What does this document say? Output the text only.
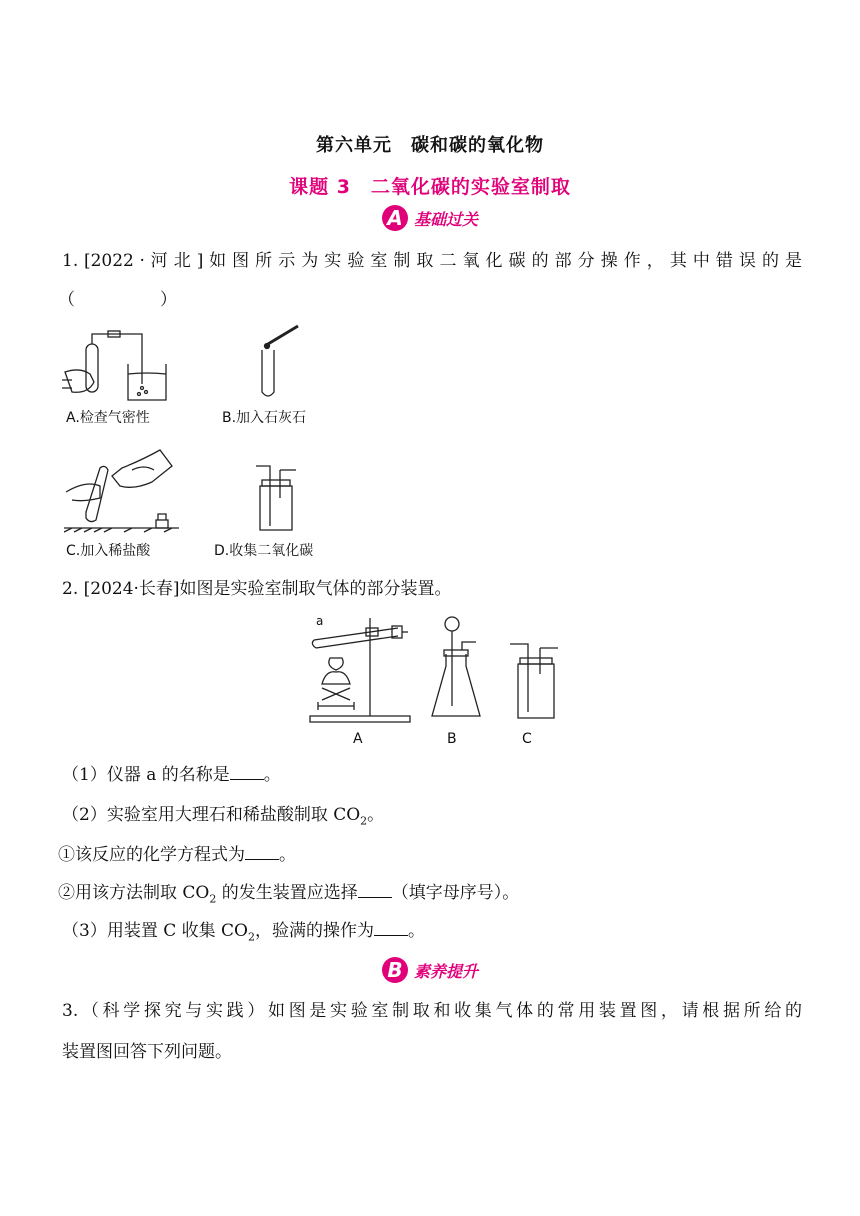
第六单元　碳和碳的氧化物
课题 3　二氧化碳的实验室制取
A 基础过关
1. [2022 · 河 北 ] 如 图 所 示 为 实 验 室 制 取 二 氧 化 碳 的 部 分 操 作 ， 其 中 错 误 的 是
（　　　　　）
A.检查气密性	B.加入石灰石
C.加入稀盐酸	D.收集二氧化碳
2. [2024·长春]如图是实验室制取气体的部分装置。
a
A	B	C
（1）仪器 a 的名称是 。
（2）实验室用大理石和稀盐酸制取 $CO_2$。
①该反应的化学方程式为 。
②用该方法制取 $CO_2$ 的发生装置应选择 （填字母序号）。
（3）用装置 C 收集 $CO_2$，验满的操作为 。
B 素养提升
3.（科学探究与实践）如图是实验室制取和收集气体的常用装置图，请根据所给的
装置图回答下列问题。
